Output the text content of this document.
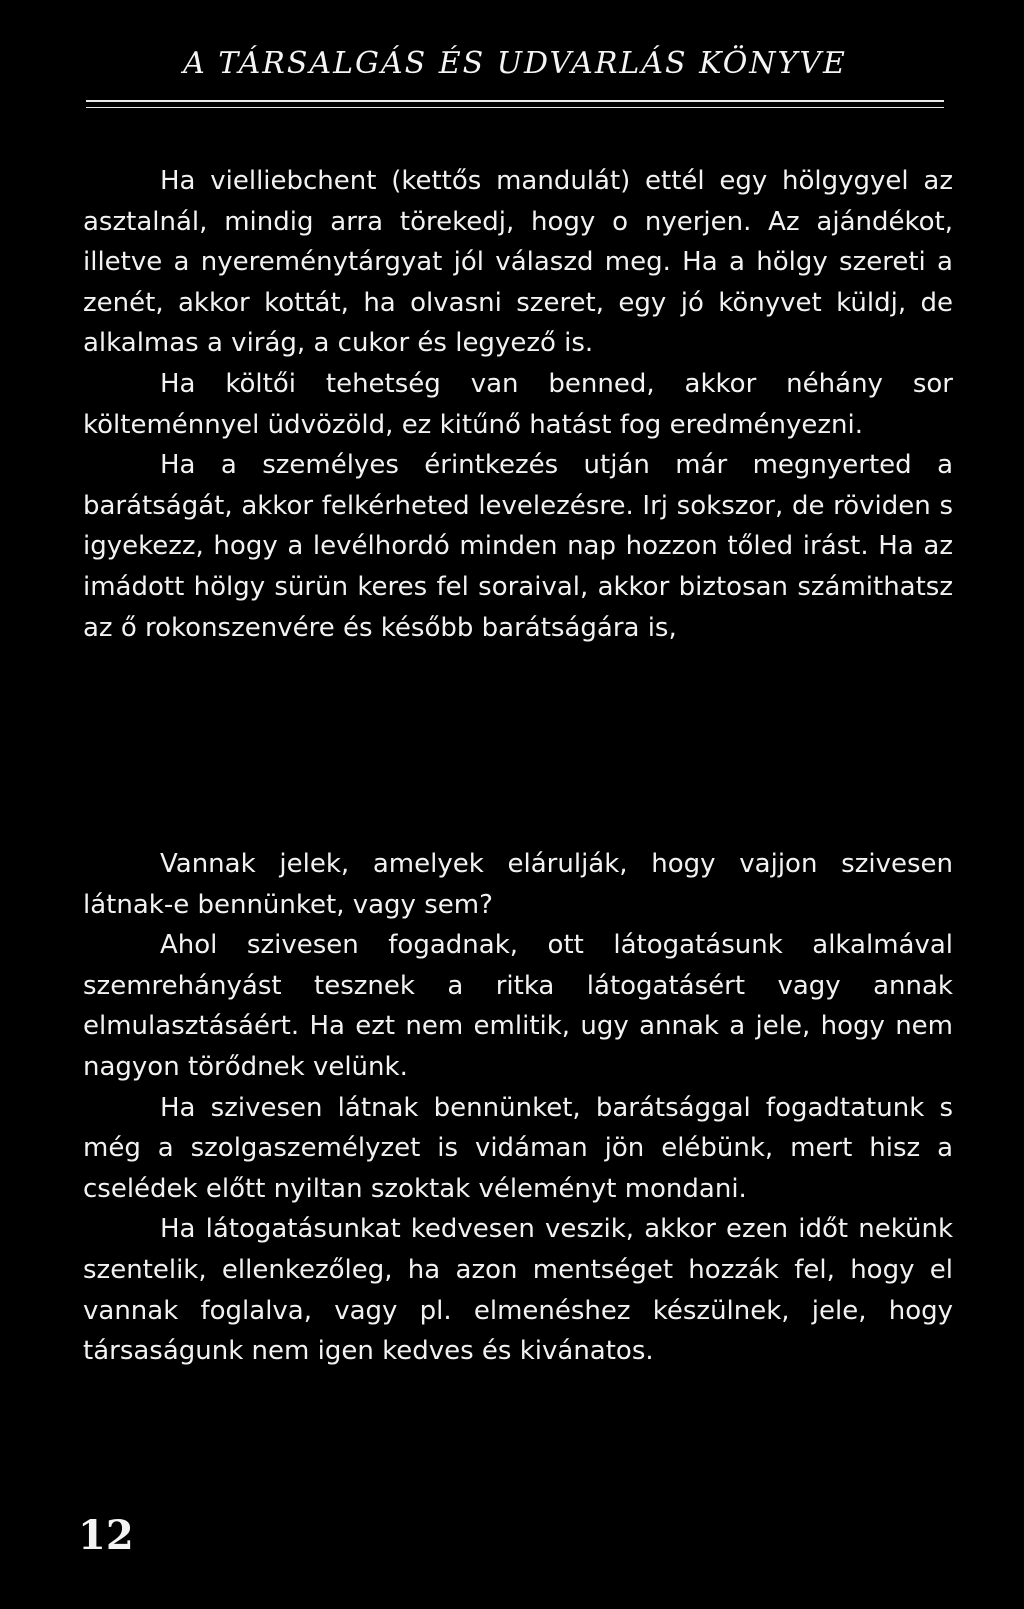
A TÁRSALGÁS ÉS UDVARLÁS KÖNYVE

Ha vielliebchent (kettős mandulát) ettél egy hölgygyel az asztalnál, mindig arra törekedj, hogy o nyerjen. Az ajándékot, illetve a nyereménytárgyat jól válaszd meg. Ha a hölgy szereti a zenét, akkor kottát, ha olvasni szeret, egy jó könyvet küldj, de alkalmas a virág, a cukor és legyező is.

Ha költői tehetség van benned, akkor néhány sor költeménnyel üdvözöld, ez kitűnő hatást fog eredményezni.

Ha a személyes érintkezés utján már megnyerted a barátságát, akkor felkérheted levelezésre. Irj sokszor, de röviden s igyekezz, hogy a levélhordó minden nap hozzon tőled irást. Ha az imádott hölgy sürün keres fel soraival, akkor biztosan számithatsz az ő rokonszenvére és később barátságára is,

Vannak jelek, amelyek elárulják, hogy vajjon szivesen látnak-e bennünket, vagy sem?

Ahol szivesen fogadnak, ott látogatásunk alkalmával szemrehányást tesznek a ritka látogatásért vagy annak elmulasztásáért. Ha ezt nem emlitik, ugy annak a jele, hogy nem nagyon törődnek velünk.

Ha szivesen látnak bennünket, barátsággal fogadtatunk s még a szolgaszemélyzet is vidáman jön elébünk, mert hisz a cselédek előtt nyiltan szoktak véleményt mondani.

Ha látogatásunkat kedvesen veszik, akkor ezen időt nekünk szentelik, ellenkezőleg, ha azon mentséget hozzák fel, hogy el vannak foglalva, vagy pl. elmenéshez készülnek, jele, hogy társaságunk nem igen kedves és kivánatos.

12
